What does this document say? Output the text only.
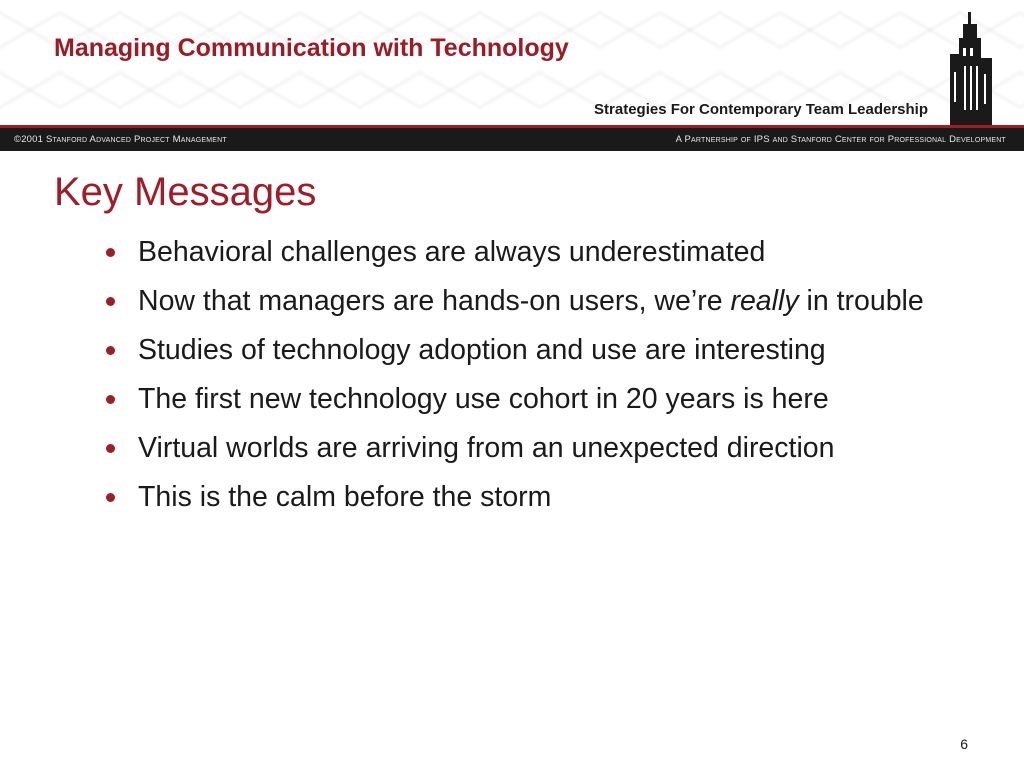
Managing Communication with Technology
Strategies For Contemporary Team Leadership
©2001 Stanford Advanced Project Management	A Partnership of IPS and Stanford Center for Professional Development
Key Messages
Behavioral challenges are always underestimated
Now that managers are hands-on users, we’re really in trouble
Studies of technology adoption and use are interesting
The first new technology use cohort in 20 years is here
Virtual worlds are arriving from an unexpected direction
This is the calm before the storm
6
